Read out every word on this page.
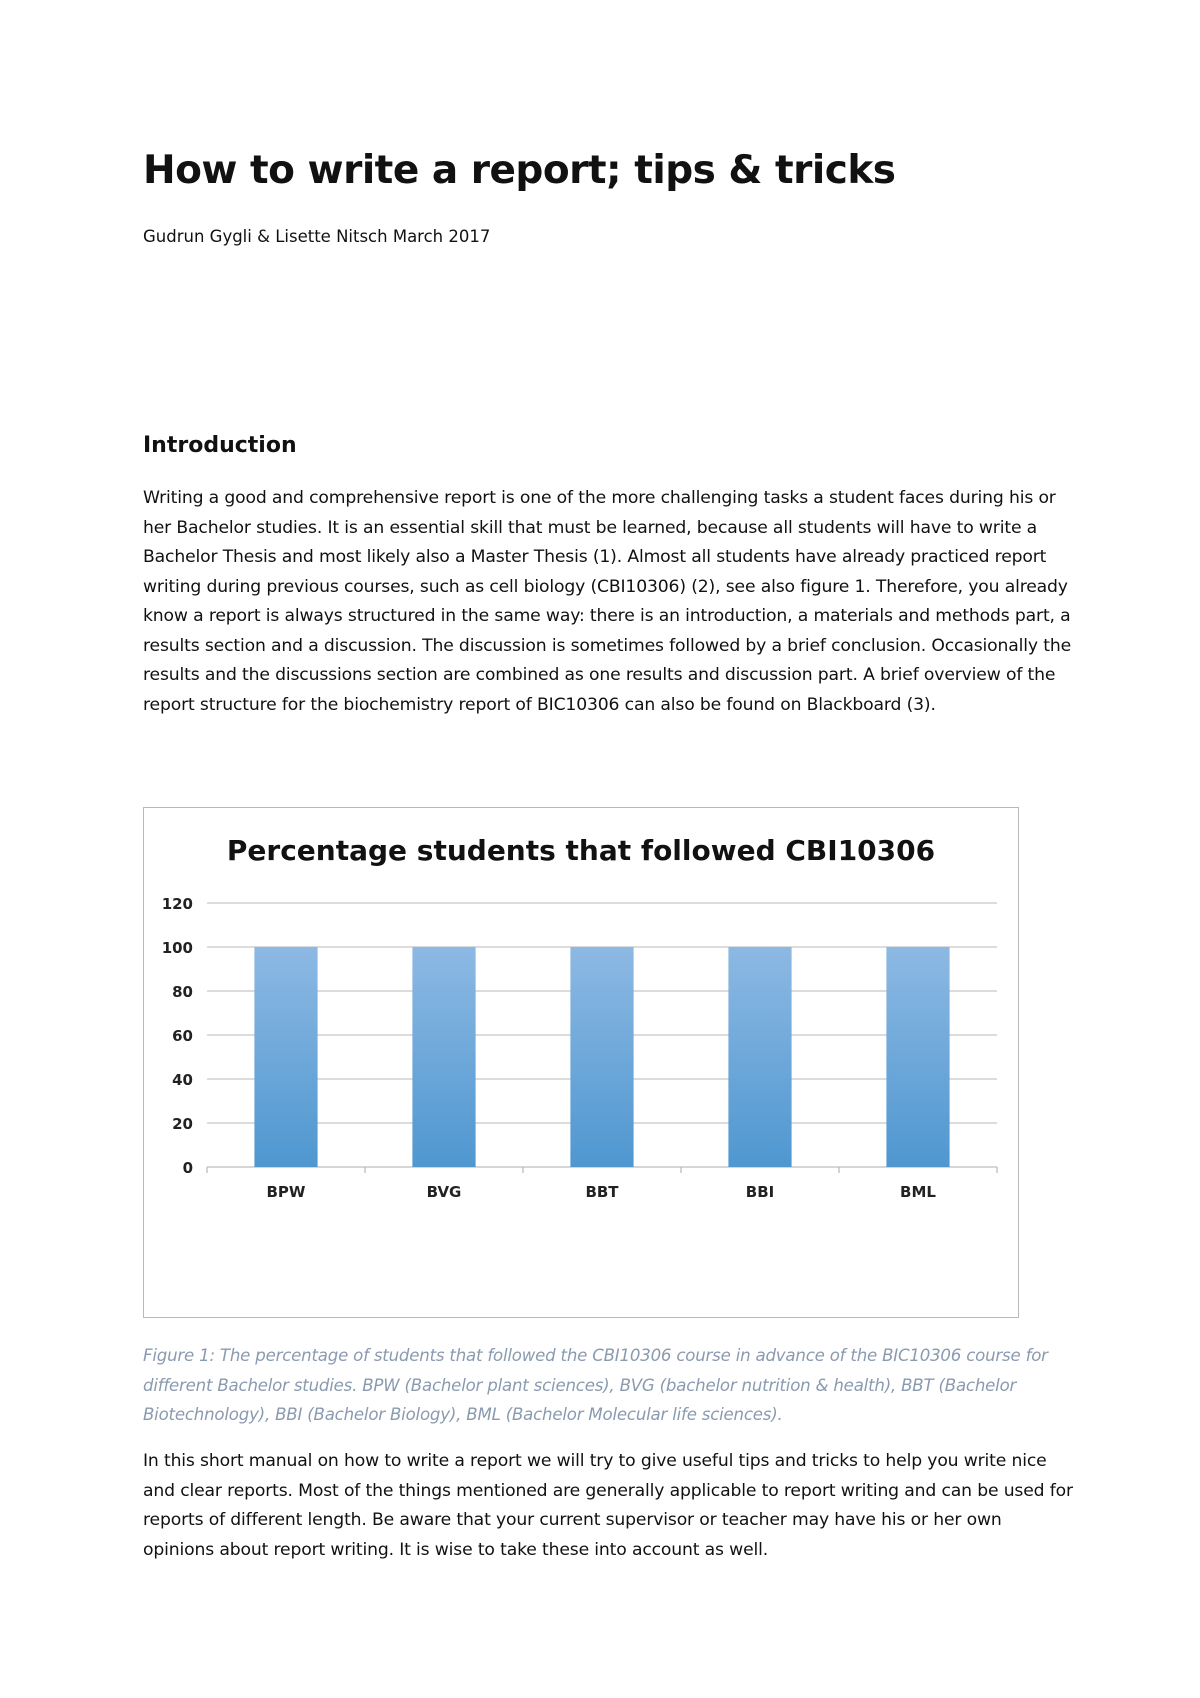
How to write a report; tips & tricks

Gudrun Gygli & Lisette Nitsch March 2017

Introduction

Writing a good and comprehensive report is one of the more challenging tasks a student faces during his or her Bachelor studies. It is an essential skill that must be learned, because all students will have to write a Bachelor Thesis and most likely also a Master Thesis (1). Almost all students have already practiced report writing during previous courses, such as cell biology (CBI10306) (2), see also figure 1. Therefore, you already know a report is always structured in the same way: there is an introduction, a materials and methods part, a results section and a discussion. The discussion is sometimes followed by a brief conclusion. Occasionally the results and the discussions section are combined as one results and discussion part. A brief overview of the report structure for the biochemistry report of BIC10306 can also be found on Blackboard (3).

Percentage students that followed CBI10306
0
20
40
60
80
100
120
BPW	BVG	BBT	BBI	BML

Figure 1: The percentage of students that followed the CBI10306 course in advance of the BIC10306 course for different Bachelor studies. BPW (Bachelor plant sciences), BVG (bachelor nutrition & health), BBT (Bachelor Biotechnology), BBI (Bachelor Biology), BML (Bachelor Molecular life sciences).

In this short manual on how to write a report we will try to give useful tips and tricks to help you write nice and clear reports. Most of the things mentioned are generally applicable to report writing and can be used for reports of different length. Be aware that your current supervisor or teacher may have his or her own opinions about report writing. It is wise to take these into account as well.
